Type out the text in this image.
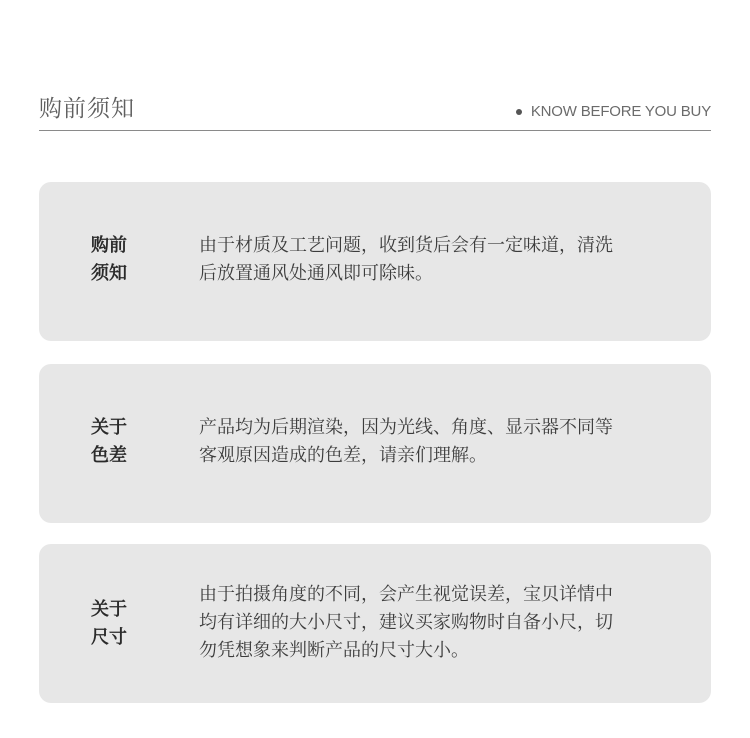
购前须知	KNOW BEFORE YOU BUY
购前
须知
由于材质及工艺问题，收到货后会有一定味道，清洗
后放置通风处通风即可除味。
关于
色差
产品均为后期渲染，因为光线、角度、显示器不同等
客观原因造成的色差，请亲们理解。
关于
尺寸
由于拍摄角度的不同，会产生视觉误差，宝贝详情中
均有详细的大小尺寸，建议买家购物时自备小尺，切
勿凭想象来判断产品的尺寸大小。
